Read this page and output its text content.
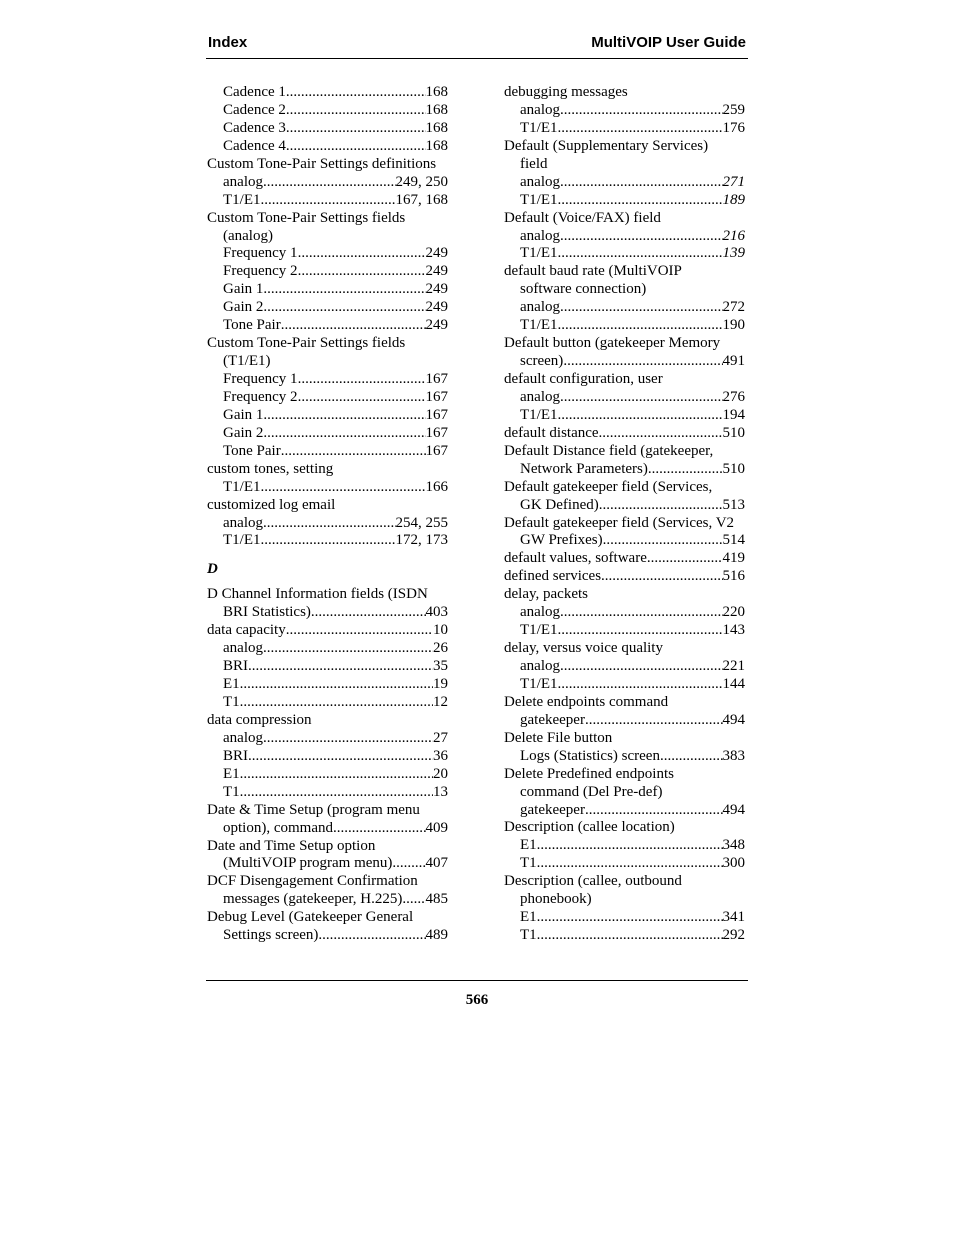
Index	MultiVOIP User Guide
Cadence 1 .....	168
Cadence 2 .....	168
Cadence 3 .....	168
Cadence 4 .....	168
Custom Tone-Pair Settings definitions
analog .....	249, 250
T1/E1 .....	167, 168
Custom Tone-Pair Settings fields
(analog)
Frequency 1 .....	249
Frequency 2 .....	249
Gain 1 .....	249
Gain 2 .....	249
Tone Pair .....	249
Custom Tone-Pair Settings fields
(T1/E1)
Frequency 1 .....	167
Frequency 2 .....	167
Gain 1 .....	167
Gain 2 .....	167
Tone Pair .....	167
custom tones, setting
T1/E1 .....	166
customized log email
analog .....	254, 255
T1/E1 .....	172, 173
D
D Channel Information fields (ISDN
BRI Statistics) .....	403
data capacity .....	10
analog .....	26
BRI .....	35
E1 .....	19
T1 .....	12
data compression
analog .....	27
BRI .....	36
E1 .....	20
T1 .....	13
Date & Time Setup (program menu
option), command .....	409
Date and Time Setup option
(MultiVOIP program menu) ..... 407
DCF Disengagement Confirmation
messages (gatekeeper, H.225) ..... 485
Debug Level (Gatekeeper General
Settings screen) .....	489
debugging messages
analog .....	259
T1/E1 .....	176
Default (Supplementary Services)
field
analog .....	271
T1/E1 .....	189
Default (Voice/FAX) field
analog .....	216
T1/E1 .....	139
default baud rate (MultiVOIP
software connection)
analog .....	272
T1/E1 .....	190
Default button (gatekeeper Memory
screen) .....	491
default configuration, user
analog .....	276
T1/E1 .....	194
default distance .....	510
Default Distance field (gatekeeper,
Network Parameters) .....	510
Default gatekeeper field (Services,
GK Defined) .....	513
Default gatekeeper field (Services, V2
GW Prefixes) .....	514
default values, software .....	419
defined services .....	516
delay, packets
analog .....	220
T1/E1 .....	143
delay, versus voice quality
analog .....	221
T1/E1 .....	144
Delete endpoints command
gatekeeper .....	494
Delete File button
Logs (Statistics) screen .....	383
Delete Predefined endpoints
command (Del Pre-def)
gatekeeper .....	494
Description (callee location)
E1 .....	348
T1 .....	300
Description (callee, outbound
phonebook)
E1 .....	341
T1 .....	292
566
